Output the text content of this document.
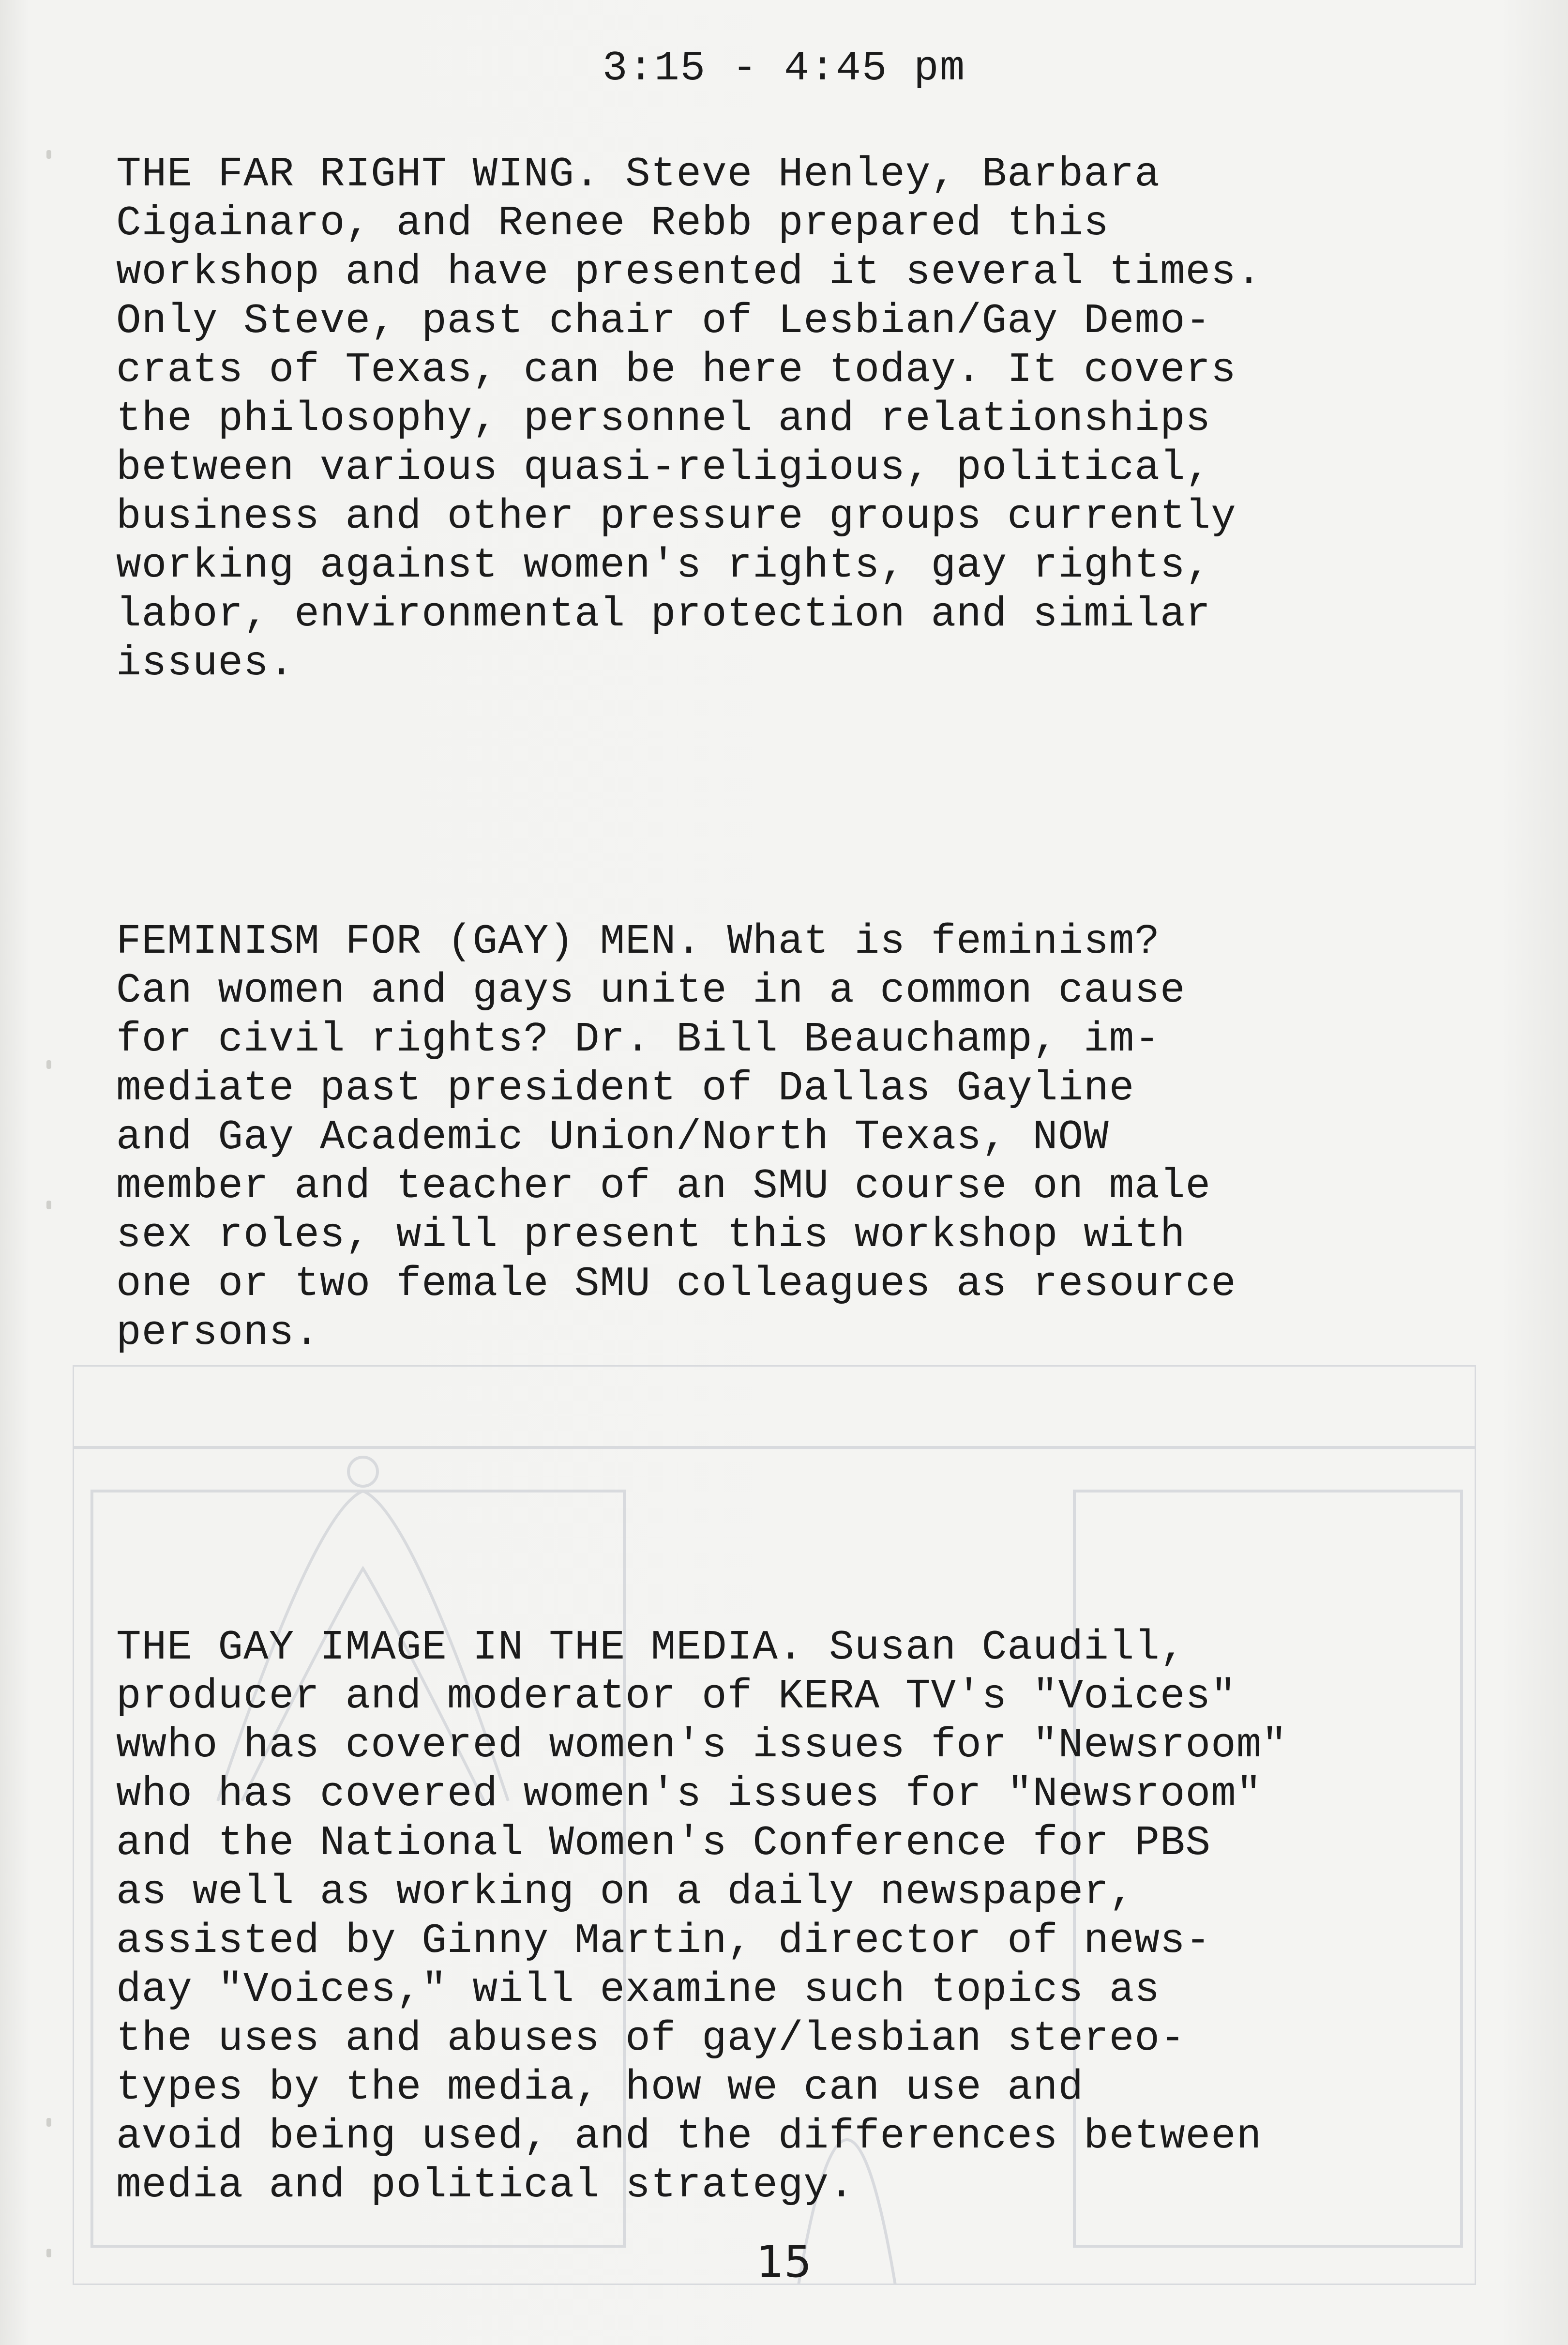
3:15 - 4:45 pm

THE FAR RIGHT WING. Steve Henley, Barbara
Cigainaro, and Renee Rebb prepared this
workshop and have presented it several times.
Only Steve, past chair of Lesbian/Gay Demo-
crats of Texas, can be here today. It covers
the philosophy, personnel and relationships
between various quasi-religious, political,
business and other pressure groups currently
working against women's rights, gay rights,
labor, environmental protection and similar
issues.

FEMINISM FOR (GAY) MEN. What is feminism?
Can women and gays unite in a common cause
for civil rights? Dr. Bill Beauchamp, im-
mediate past president of Dallas Gayline
and Gay Academic Union/North Texas, NOW
member and teacher of an SMU course on male
sex roles, will present this workshop with
one or two female SMU colleagues as resource
persons.

THE GAY IMAGE IN THE MEDIA. Susan Caudill,
producer and moderator of KERA TV's "Voices"
wwho has covered women's issues for "Newsroom"
who has covered women's issues for "Newsroom"
and the National Women's Conference for PBS
as well as working on a daily newspaper,
assisted by Ginny Martin, director of news-
day "Voices," will examine such topics as
the uses and abuses of gay/lesbian stereo-
types by the media, how we can use and
avoid being used, and the differences between
media and political strategy.

15
